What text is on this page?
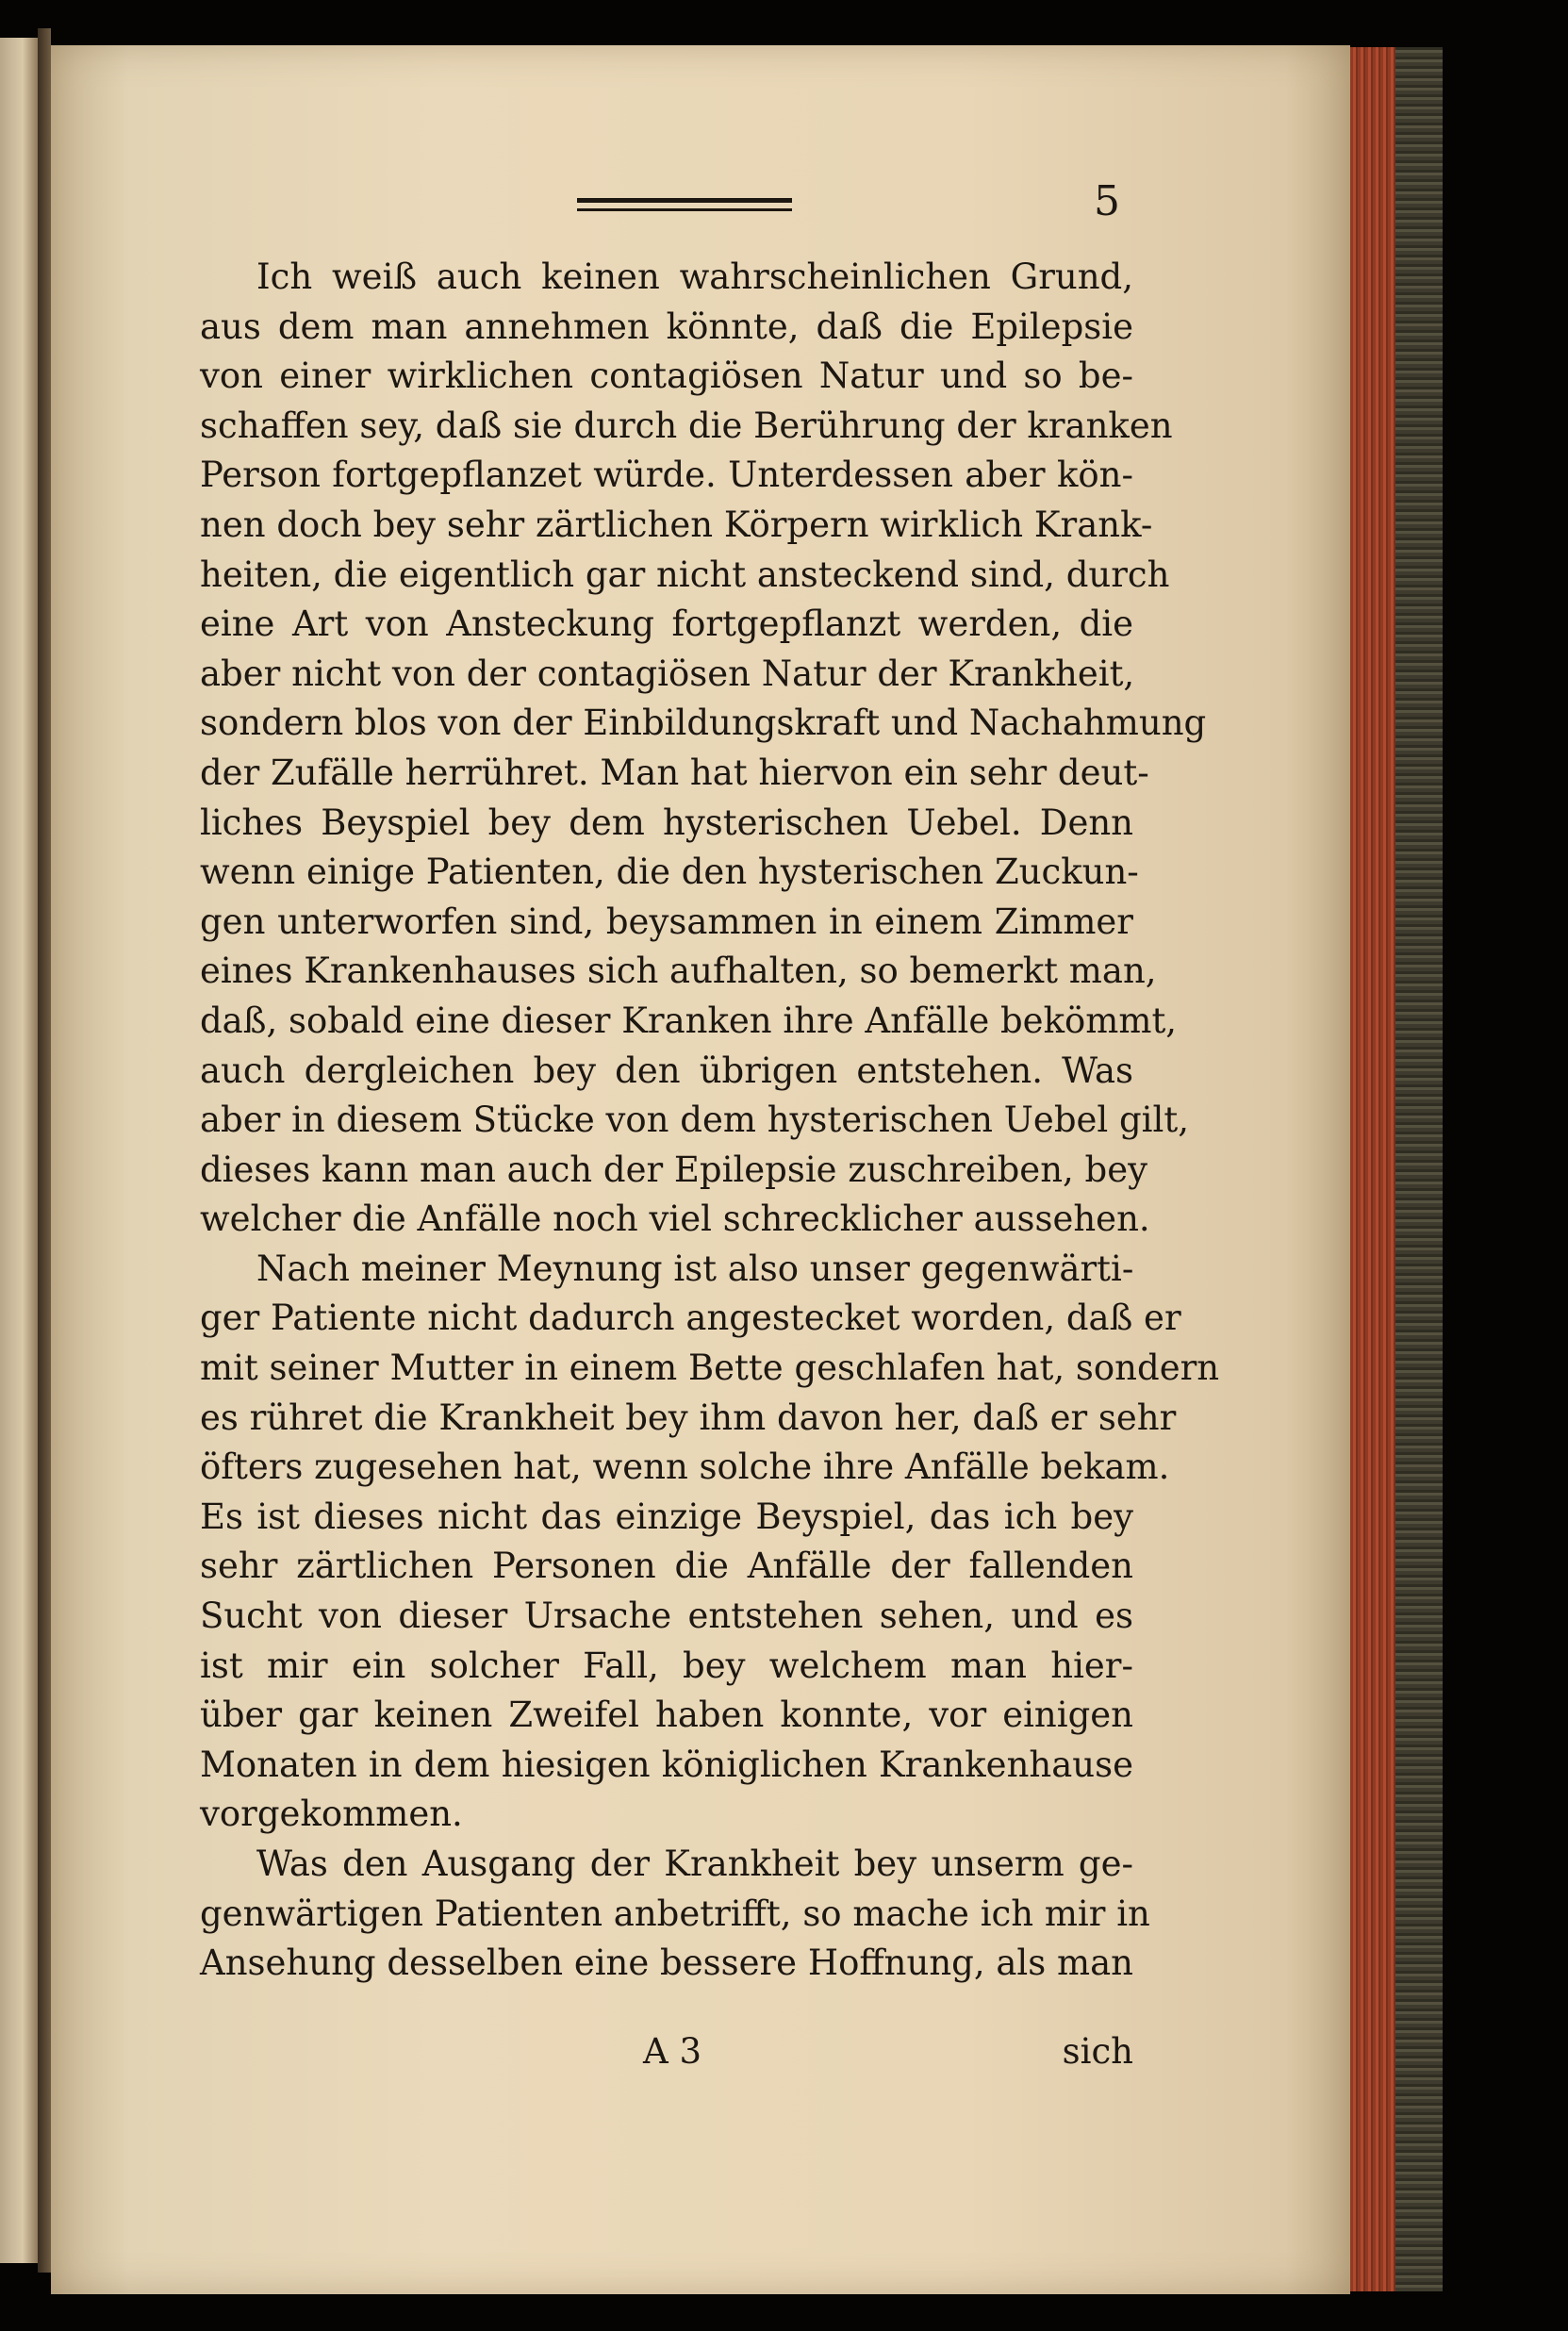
5
Ich weiß auch keinen wahrscheinlichen Grund,
aus dem man annehmen könnte, daß die Epilepsie
von einer wirklichen contagiösen Natur und so be-
schaffen sey, daß sie durch die Berührung der kranken
Person fortgepflanzet würde. Unterdessen aber kön-
nen doch bey sehr zärtlichen Körpern wirklich Krank-
heiten, die eigentlich gar nicht ansteckend sind, durch
eine Art von Ansteckung fortgepflanzt werden, die
aber nicht von der contagiösen Natur der Krankheit,
sondern blos von der Einbildungskraft und Nachahmung
der Zufälle herrühret. Man hat hiervon ein sehr deut-
liches Beyspiel bey dem hysterischen Uebel. Denn
wenn einige Patienten, die den hysterischen Zuckun-
gen unterworfen sind, beysammen in einem Zimmer
eines Krankenhauses sich aufhalten, so bemerkt man,
daß, sobald eine dieser Kranken ihre Anfälle bekömmt,
auch dergleichen bey den übrigen entstehen. Was
aber in diesem Stücke von dem hysterischen Uebel gilt,
dieses kann man auch der Epilepsie zuschreiben, bey
welcher die Anfälle noch viel schrecklicher aussehen.
Nach meiner Meynung ist also unser gegenwärti-
ger Patiente nicht dadurch angestecket worden, daß er
mit seiner Mutter in einem Bette geschlafen hat, sondern
es rühret die Krankheit bey ihm davon her, daß er sehr
öfters zugesehen hat, wenn solche ihre Anfälle bekam.
Es ist dieses nicht das einzige Beyspiel, das ich bey
sehr zärtlichen Personen die Anfälle der fallenden
Sucht von dieser Ursache entstehen sehen, und es
ist mir ein solcher Fall, bey welchem man hier-
über gar keinen Zweifel haben konnte, vor einigen
Monaten in dem hiesigen königlichen Krankenhause
vorgekommen.
Was den Ausgang der Krankheit bey unserm ge-
genwärtigen Patienten anbetrifft, so mache ich mir in
Ansehung desselben eine bessere Hoffnung, als man
A 3	sich
